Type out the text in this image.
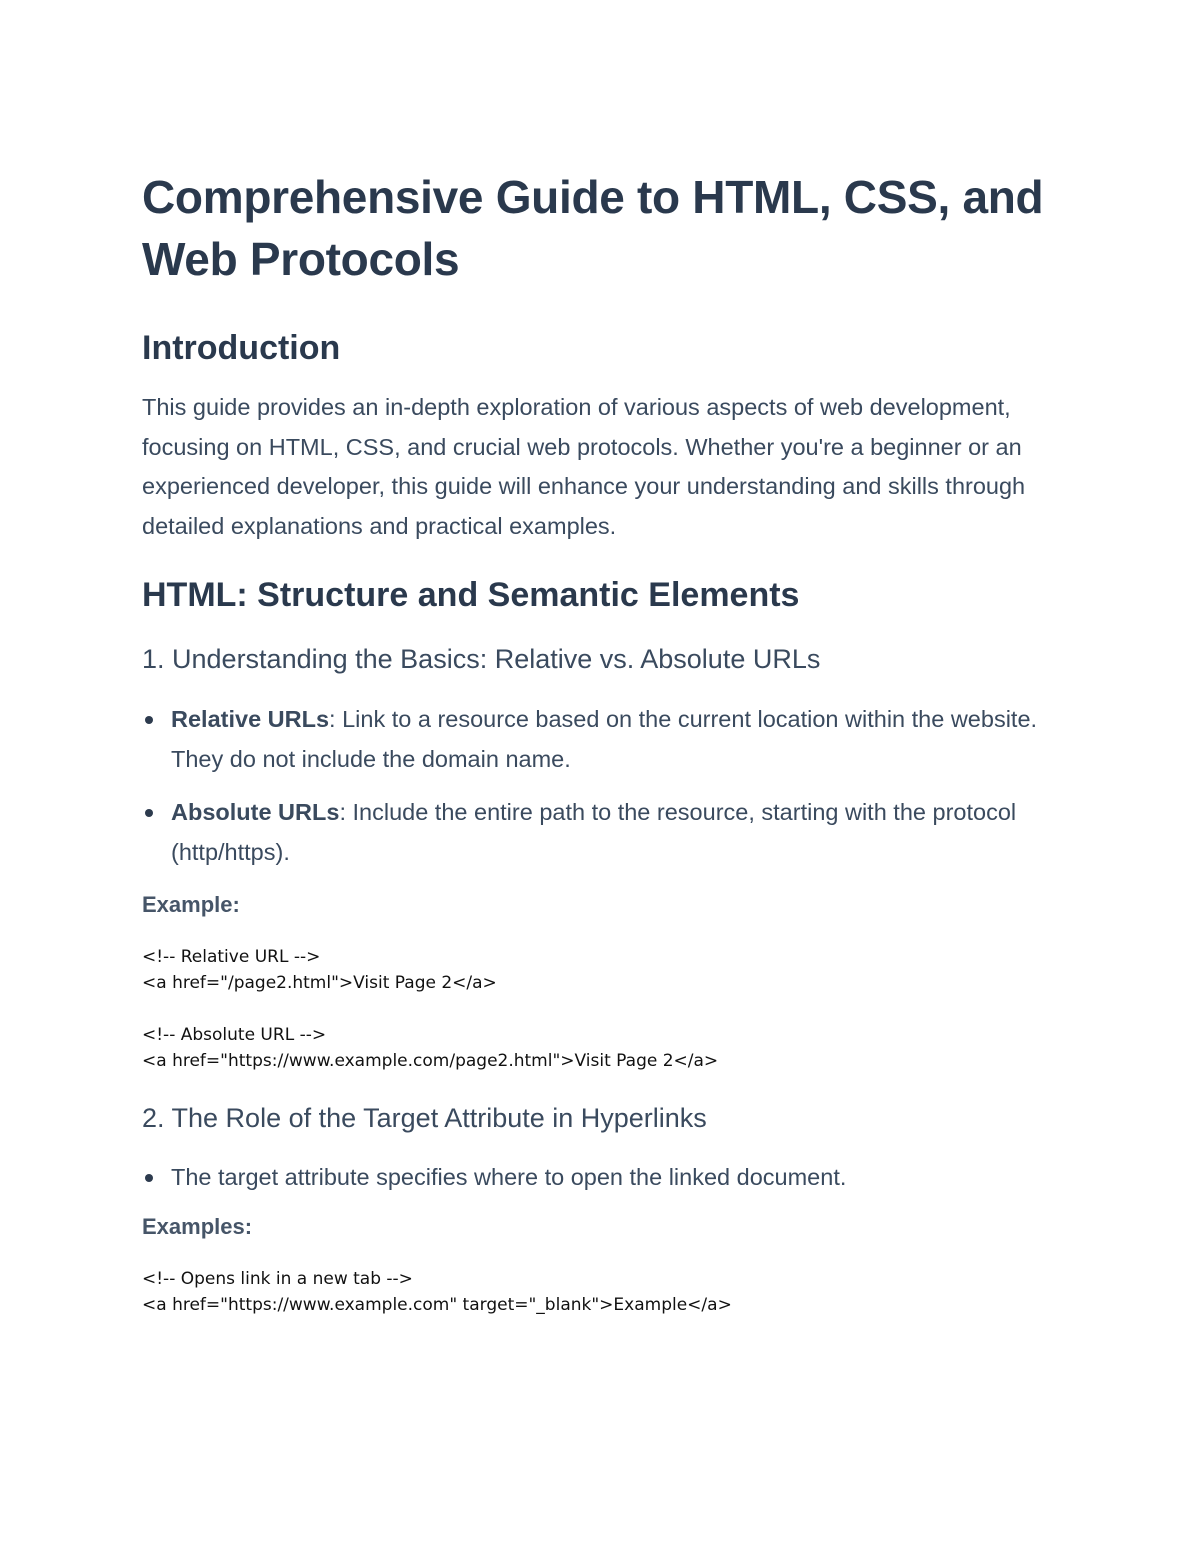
Comprehensive Guide to HTML, CSS, and Web Protocols
Introduction

This guide provides an in-depth exploration of various aspects of web development, focusing on HTML, CSS, and crucial web protocols. Whether you're a beginner or an experienced developer, this guide will enhance your understanding and skills through detailed explanations and practical examples.

HTML: Structure and Semantic Elements
1. Understanding the Basics: Relative vs. Absolute URLs
Relative URLs: Link to a resource based on the current location within the website. They do not include the domain name.
Absolute URLs: Include the entire path to the resource, starting with the protocol (http/https).
Example:
<!-- Relative URL -->
<a href="/page2.html">Visit Page 2</a>
<!-- Absolute URL -->
<a href="https://www.example.com/page2.html">Visit Page 2</a>
2. The Role of the Target Attribute in Hyperlinks
The target attribute specifies where to open the linked document.
Examples:
<!-- Opens link in a new tab -->
<a href="https://www.example.com" target="_blank">Example</a>
